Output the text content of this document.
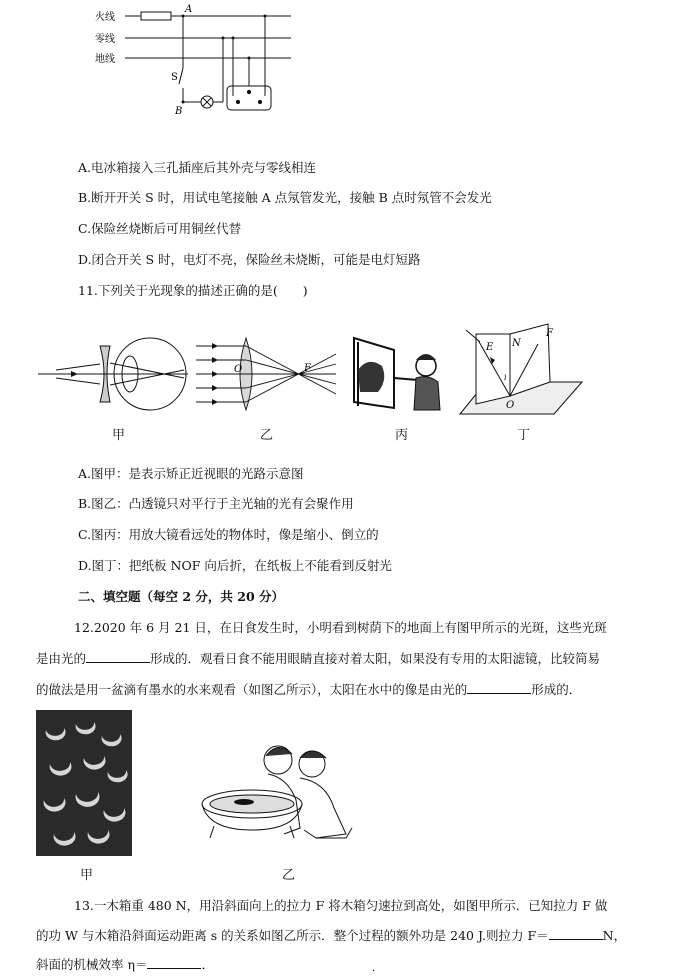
火线
零线
地线
A
S
B
A.电冰箱接入三孔插座后其外壳与零线相连
B.断开开关 S 时，用试电笔接触 A 点氖管发光，接触 B 点时氖管不会发光
C.保险丝烧断后可用铜丝代替
D.闭合开关 S 时，电灯不亮，保险丝未烧断，可能是电灯短路
11.下列关于光现象的描述正确的是(　　)
甲
O	F
乙	丙
E N
F
i
O
丁
A.图甲：是表示矫正近视眼的光路示意图
B.图乙：凸透镜只对平行于主光轴的光有会聚作用
C.图丙：用放大镜看远处的物体时，像是缩小、倒立的
D.图丁：把纸板 NOF 向后折，在纸板上不能看到反射光
二、填空题（每空 2 分，共 20 分）
12.2020 年 6 月 21 日，在日食发生时，小明看到树荫下的地面上有图甲所示的光斑，这些光斑
是由光的	形成的．观看日食不能用眼睛直接对着太阳，如果没有专用的太阳滤镜，比较简易
的做法是用一盆滴有墨水的水来观看（如图乙所示），太阳在水中的像是由光的	形成的．
甲	乙
13.一木箱重 480 N，用沿斜面向上的拉力 F 将木箱匀速拉到高处，如图甲所示．已知拉力 F 做
的功 W 与木箱沿斜面运动距离 s 的关系如图乙所示．整个过程的额外功是 240 J.则拉力 F＝	N，
斜面的机械效率 η＝	．	·
